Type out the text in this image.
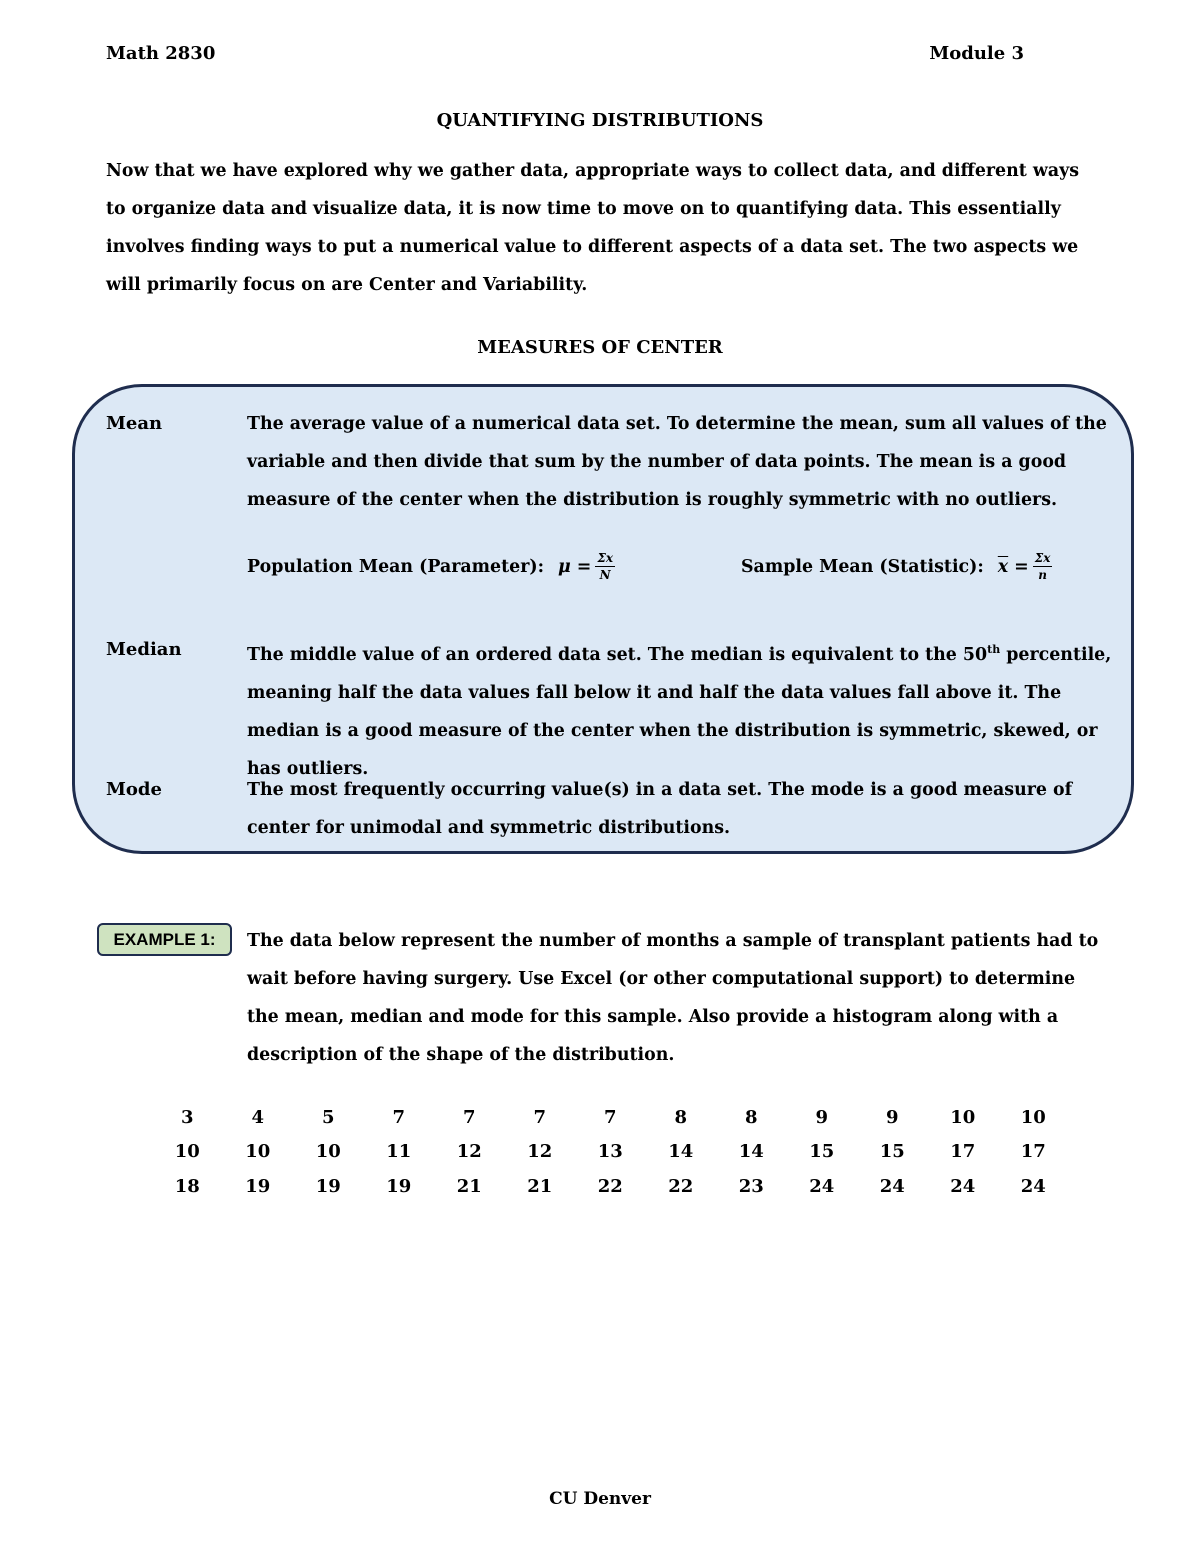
Math 2830	Module 3
QUANTIFYING DISTRIBUTIONS

Now that we have explored why we gather data, appropriate ways to collect data, and different ways to organize data and visualize data, it is now time to move on to quantifying data. This essentially involves finding ways to put a numerical value to different aspects of a data set. The two aspects we will primarily focus on are Center and Variability.

MEASURES OF CENTER
Mean	The average value of a numerical data set. To determine the mean, sum all values of the variable and then divide that sum by the number of data points. The mean is a good measure of the center when the distribution is roughly symmetric with no outliers.

Population Mean (Parameter): $\mu = \frac{\Sigma x}{N}$	Sample Mean (Statistic): $\overline{x} = \frac{\Sigma x}{n}$
Median	The middle value of an ordered data set. The median is equivalent to the 50th percentile, meaning half the data values fall below it and half the data values fall above it. The median is a good measure of the center when the distribution is symmetric, skewed, or has outliers.

Mode	The most frequently occurring value(s) in a data set. The mode is a good measure of center for unimodal and symmetric distributions.

EXAMPLE 1:	The data below represent the number of months a sample of transplant patients had to wait before having surgery. Use Excel (or other computational support) to determine the mean, median and mode for this sample. Also provide a histogram along with a description of the shape of the distribution.

3	4	5	7	7	7	7	8	8	9	9	10	10
10	10	10	11	12	12	13	14	14	15	15	17	17
18	19	19	19	21	21	22	22	23	24	24	24	24
CU Denver
